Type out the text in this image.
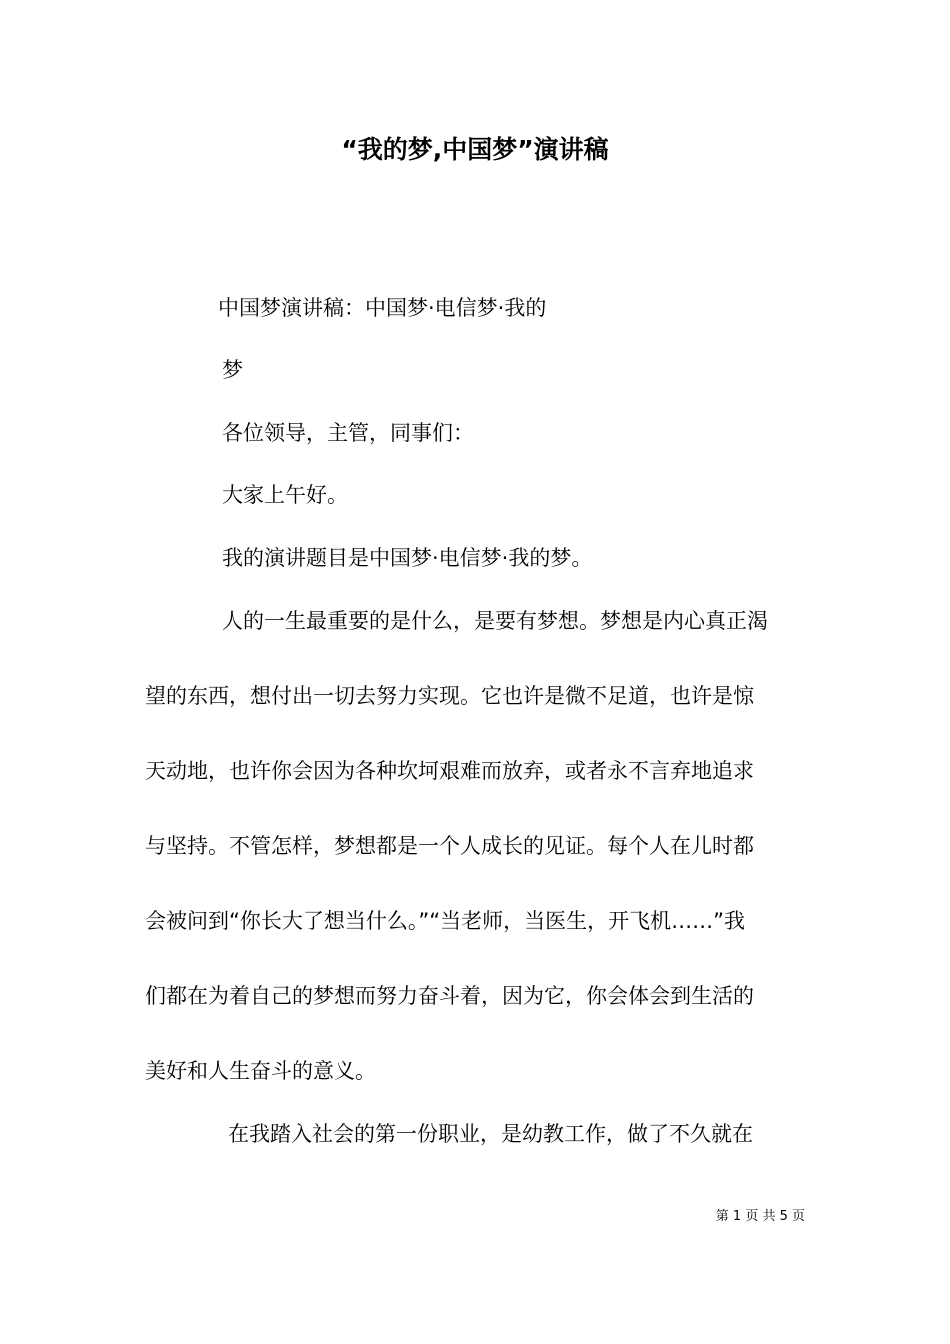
“我的梦,中国梦”演讲稿
中国梦演讲稿：中国梦·电信梦·我的
梦
各位领导，主管，同事们：
大家上午好。
我的演讲题目是中国梦·电信梦·我的梦。
人的一生最重要的是什么，是要有梦想。梦想是内心真正渴
望的东西，想付出一切去努力实现。它也许是微不足道，也许是惊
天动地，也许你会因为各种坎坷艰难而放弃，或者永不言弃地追求
与坚持。不管怎样，梦想都是一个人成长的见证。每个人在儿时都
会被问到“你长大了想当什么。”“当老师，当医生，开飞机……”我
们都在为着自己的梦想而努力奋斗着，因为它，你会体会到生活的
美好和人生奋斗的意义。
在我踏入社会的第一份职业，是幼教工作，做了不久就在
第 1 页 共 5 页
